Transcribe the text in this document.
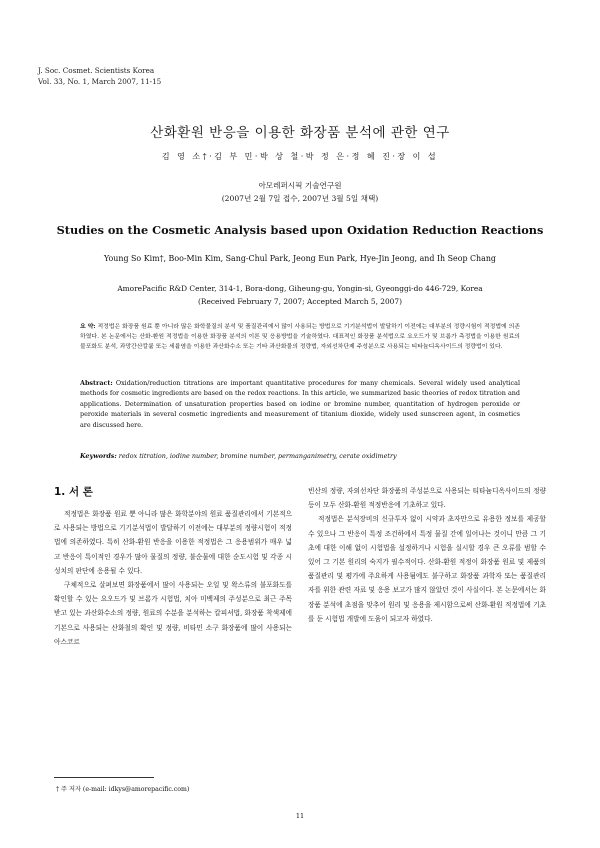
J. Soc. Cosmet. Scientists Korea
Vol. 33, No. 1, March 2007, 11-15
산화환원 반응을 이용한 화장품 분석에 관한 연구
김 영 소†·김 부 민·박 상 철·박 정 은·정 혜 진·장 이 섭
아모레퍼시픽 기술연구원
(2007년 2월 7일 접수, 2007년 3월 5일 채택)
Studies on the Cosmetic Analysis based upon Oxidation Reduction Reactions
Young So Kim†, Boo-Min Kim, Sang-Chul Park, Jeong Eun Park, Hye-Jin Jeong, and Ih Seop Chang
AmorePacific R&D Center, 314-1, Bora-dong, Giheung-gu, Yongin-si, Gyeonggi-do 446-729, Korea
(Received February 7, 2007; Accepted March 5, 2007)
요 약: 적정법은 화장품 원료 뿐 아니라 많은 화학물질의 분석 및 품질관리에서 많이 사용되는 방법으로 기기분석법이 발달하기 이전에는 대부분의 정량시험이 적정법에 의존하였다. 본 논문에서는 산화-환원 적정법을 이용한 화장품 분석의 이론 및 응용방법을 기술하였다. 대표적인 화장품 분석법으로 요오드가 및 브롬가 측정법을 이용한 원료의 불포화도 분석, 과망간산칼륨 또는 세륨염을 이용한 과산화수소 또는 기타 과산화물의 정량법, 자외선차단제 주성분으로 사용되는 티타늄디옥사이드의 정량법이 있다.
Abstract: Oxidation/reduction titrations are important quantitative procedures for many chemicals. Several widely used analytical methods for cosmetic ingredients are based on the redox reactions. In this article, we summarized basic theories of redox titration and applications. Determination of unsaturation properties based on iodine or bromine number, quantitation of hydrogen peroxide or peroxide materials in several cosmetic ingredients and measurement of titanium dioxide, widely used sunscreen agent, in cosmetics are discussed here.
Keywords: redox titration, iodine number, bromine number, permanganimetry, cerate oxidimetry
1. 서 론

적정법은 화장품 원료 뿐 아니라 많은 화학분야의 원료 품질관리에서 기본적으로 사용되는 방법으로 기기분석법이 발달하기 이전에는 대부분의 정량시험이 적정법에 의존하였다. 특히 산화-환원 반응을 이용한 적정법은 그 응용범위가 매우 넓고 반응이 특이적인 경우가 많아 물질의 정량, 불순물에 대한 순도시험 및 각종 시성치의 판단에 응용될 수 있다.

구체적으로 살펴보면 화장품에서 많이 사용되는 오일 및 왁스류의 불포화도를 확인할 수 있는 요오드가 및 브롬가 시험법, 치아 미백제의 주성분으로 최근 주목받고 있는 과산화수소의 정량, 원료의 수분을 분석하는 칼피셔법, 화장품 착색제에 기본으로 사용되는 산화철의 확인 및 정량, 비타민 소구 화장품에 많이 사용되는 아스코르

빈산의 정량, 자외선차단 화장품의 주성분으로 사용되는 티타늄디옥사이드의 정량 등이 모두 산화-환원 적정반응에 기초하고 있다.

적정법은 분석장비의 신규투자 없이 시약과 초자만으로 유용한 정보를 제공할 수 있으나 그 반응이 특정 조건하에서 특정 물질 간에 일어나는 것이니 만큼 그 기초에 대한 이해 없이 시험법을 설정하거나 시험을 실시할 경우 큰 오류를 범할 수 있어 그 기본 원리의 숙지가 필수적이다. 산화-환원 적정이 화장품 원료 및 제품의 품질관리 및 평가에 주요하게 사용됨에도 불구하고 화장품 과학자 또는 품질관리자를 위한 관련 자료 및 응용 보고가 많지 않았던 것이 사실이다. 본 논문에서는 화장품 분석에 초점을 맞추어 원리 및 응용을 제시함으로써 산화-환원 적정법에 기초를 둔 시험법 개발에 도움이 되고자 하였다.

† 주 저자 (e-mail: idkys@amorepacific.com)
11
